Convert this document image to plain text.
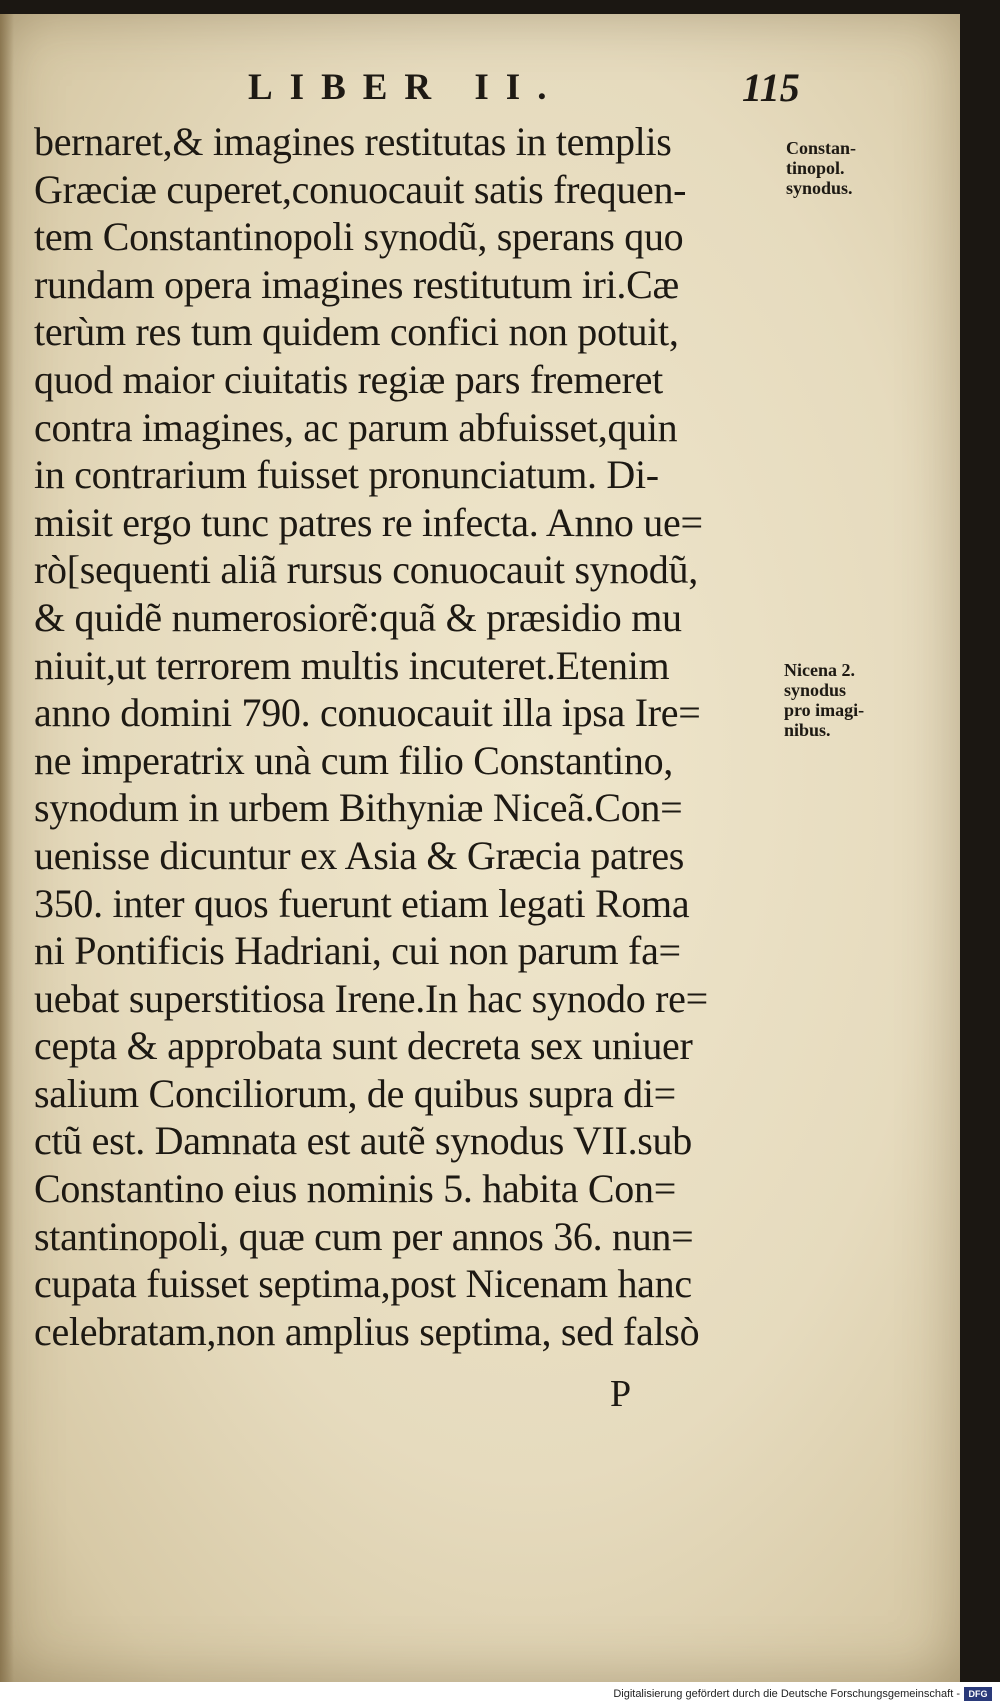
LIBER II.	115
bernaret,& imagines restitutas in templis
Græciæ cuperet,conuocauit satis frequen-
tem Constantinopoli synodũ, sperans quo
rundam opera imagines restitutum iri.Cæ
terùm res tum quidem confici non potuit,
quod maior ciuitatis regiæ pars fremeret
contra imagines, ac parum abfuisset,quin
in contrarium fuisset pronunciatum. Di-
misit ergo tunc patres re infecta. Anno ue=
rò[sequenti aliã rursus conuocauit synodũ,
& quidẽ numerosiorẽ:quã & præsidio mu
niuit,ut terrorem multis incuteret.Etenim
anno domini 790. conuocauit illa ipsa Ire=
ne imperatrix unà cum filio Constantino,
synodum in urbem Bithyniæ Niceã.Con=
uenisse dicuntur ex Asia & Græcia patres
350. inter quos fuerunt etiam legati Roma
ni Pontificis Hadriani, cui non parum fa=
uebat superstitiosa Irene.In hac synodo re=
cepta & approbata sunt decreta sex uniuer
salium Conciliorum, de quibus supra di=
ctũ est. Damnata est autẽ synodus VII.sub
Constantino eius nominis 5. habita Con=
stantinopoli, quæ cum per annos 36. nun=
cupata fuisset septima,post Nicenam hanc
celebratam,non amplius septima, sed falsò
Constan-
tinopol.
synodus.
Nicena 2.
synodus
pro imagi-
nibus.
P
Digitalisierung gefördert durch die Deutsche Forschungsgemeinschaft - DFG
